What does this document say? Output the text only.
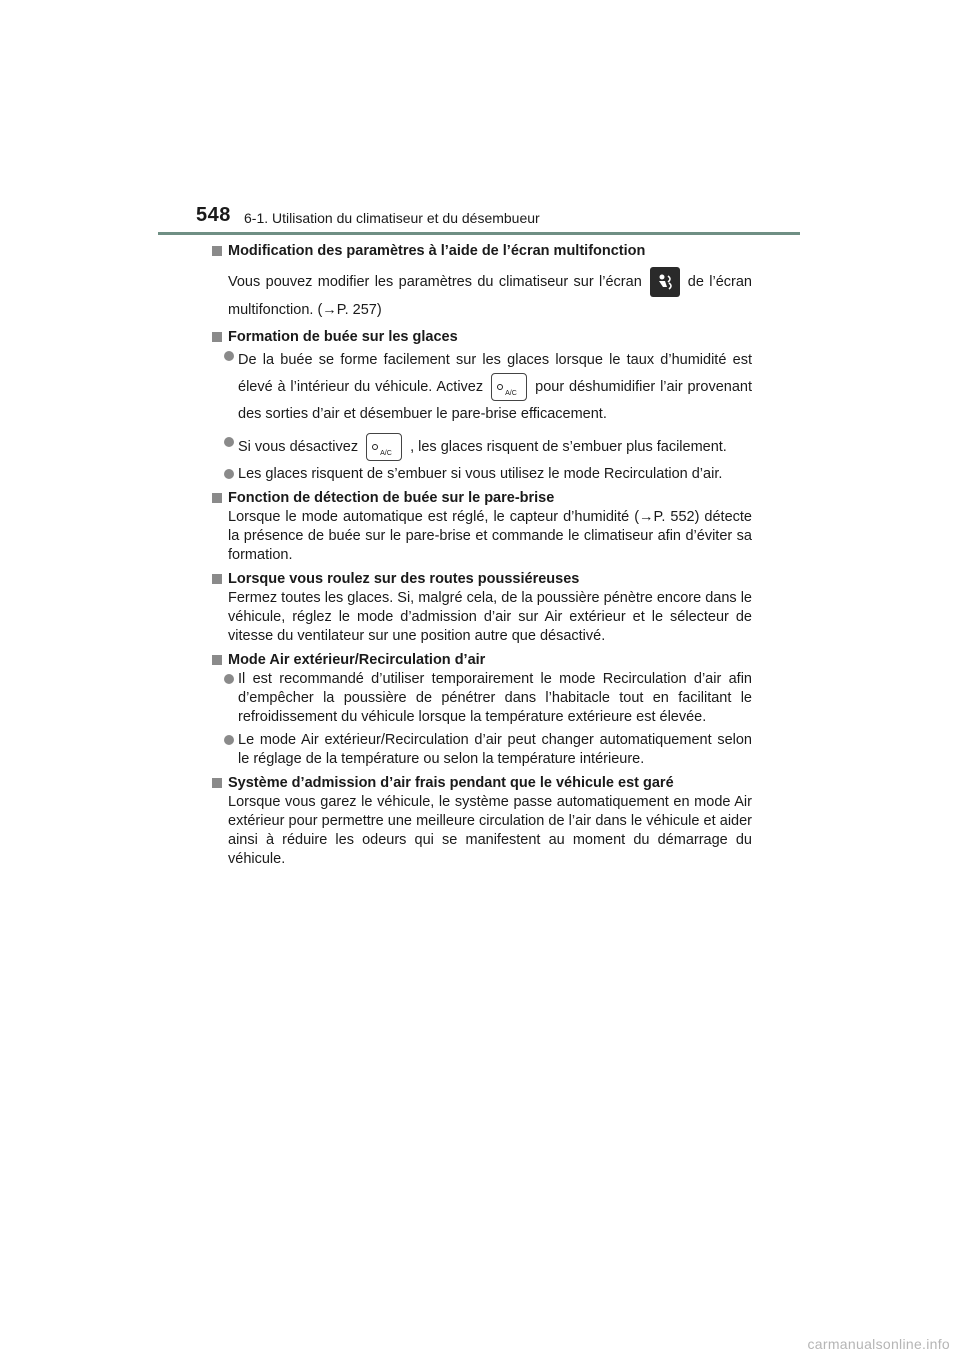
548 6-1. Utilisation du climatiseur et du désembueur

Modification des paramètres à l’aide de l’écran multifonction

Vous pouvez modifier les paramètres du climatiseur sur l’écran	de l’écran multifonction. (→P. 257)

Formation de buée sur les glaces

De la buée se forme facilement sur les glaces lorsque le taux d’humidité est élevé à l’intérieur du véhicule. Activez	A/C pour déshumidifier l’air provenant des sorties d’air et désembuer le pare-brise efficacement.

Si vous désactivez	A/C , les glaces risquent de s’embuer plus facilement.

Les glaces risquent de s’embuer si vous utilisez le mode Recirculation d’air.

Fonction de détection de buée sur le pare-brise

Lorsque le mode automatique est réglé, le capteur d’humidité (→P. 552) détecte la présence de buée sur le pare-brise et commande le climatiseur afin d’éviter sa formation.

Lorsque vous roulez sur des routes poussiéreuses

Fermez toutes les glaces. Si, malgré cela, de la poussière pénètre encore dans le véhicule, réglez le mode d’admission d’air sur Air extérieur et le sélecteur de vitesse du ventilateur sur une position autre que désactivé.

Mode Air extérieur/Recirculation d’air

Il est recommandé d’utiliser temporairement le mode Recirculation d’air afin d’empêcher la poussière de pénétrer dans l’habitacle tout en facilitant le refroidissement du véhicule lorsque la température extérieure est élevée.

Le mode Air extérieur/Recirculation d’air peut changer automatiquement selon le réglage de la température ou selon la température intérieure.

Système d’admission d’air frais pendant que le véhicule est garé

Lorsque vous garez le véhicule, le système passe automatiquement en mode Air extérieur pour permettre une meilleure circulation de l’air dans le véhicule et aider ainsi à réduire les odeurs qui se manifestent au moment du démarrage du véhicule.

carmanualsonline.info
